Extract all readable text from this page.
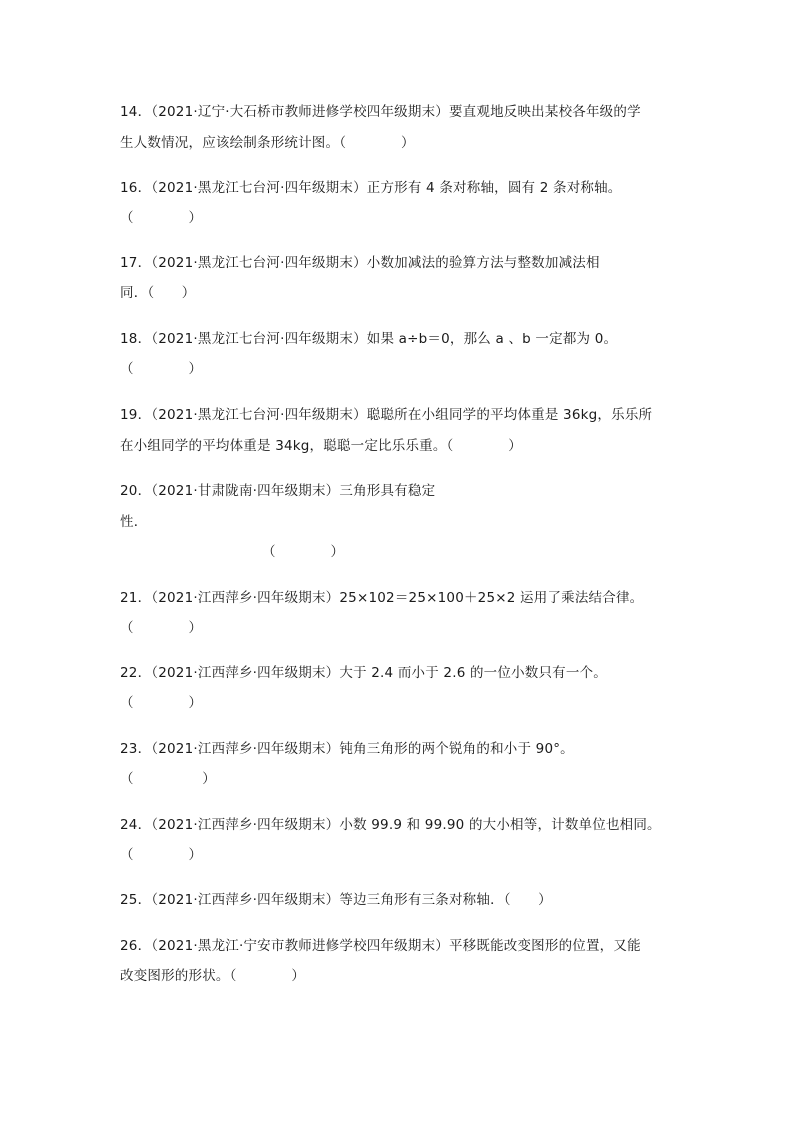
14．（2021·辽宁·大石桥市教师进修学校四年级期末）要直观地反映出某校各年级的学
生人数情况，应该绘制条形统计图。（　　　　）
16．（2021·黑龙江七台河·四年级期末）正方形有 4 条对称轴，圆有 2 条对称轴。
（　　　　）
17．（2021·黑龙江七台河·四年级期末）小数加减法的验算方法与整数加减法相
同．（　　）
18．（2021·黑龙江七台河·四年级期末）如果 a÷b＝0，那么 a 、b 一定都为 0。
（　　　　）
19．（2021·黑龙江七台河·四年级期末）聪聪所在小组同学的平均体重是 36kg，乐乐所
在小组同学的平均体重是 34kg，聪聪一定比乐乐重。（　　　　）
20．（2021·甘肃陇南·四年级期末）三角形具有稳定
性．
（　　　　）
21．（2021·江西萍乡·四年级期末）25×102＝25×100＋25×2 运用了乘法结合律。
（　　　　）
22．（2021·江西萍乡·四年级期末）大于 2.4 而小于 2.6 的一位小数只有一个。
（　　　　）
23．（2021·江西萍乡·四年级期末）钝角三角形的两个锐角的和小于 90°。
（　　　　　）
24．（2021·江西萍乡·四年级期末）小数 99.9 和 99.90 的大小相等，计数单位也相同。
（　　　　）
25．（2021·江西萍乡·四年级期末）等边三角形有三条对称轴．（　　）
26．（2021·黑龙江·宁安市教师进修学校四年级期末）平移既能改变图形的位置，又能
改变图形的形状。（　　　　）
